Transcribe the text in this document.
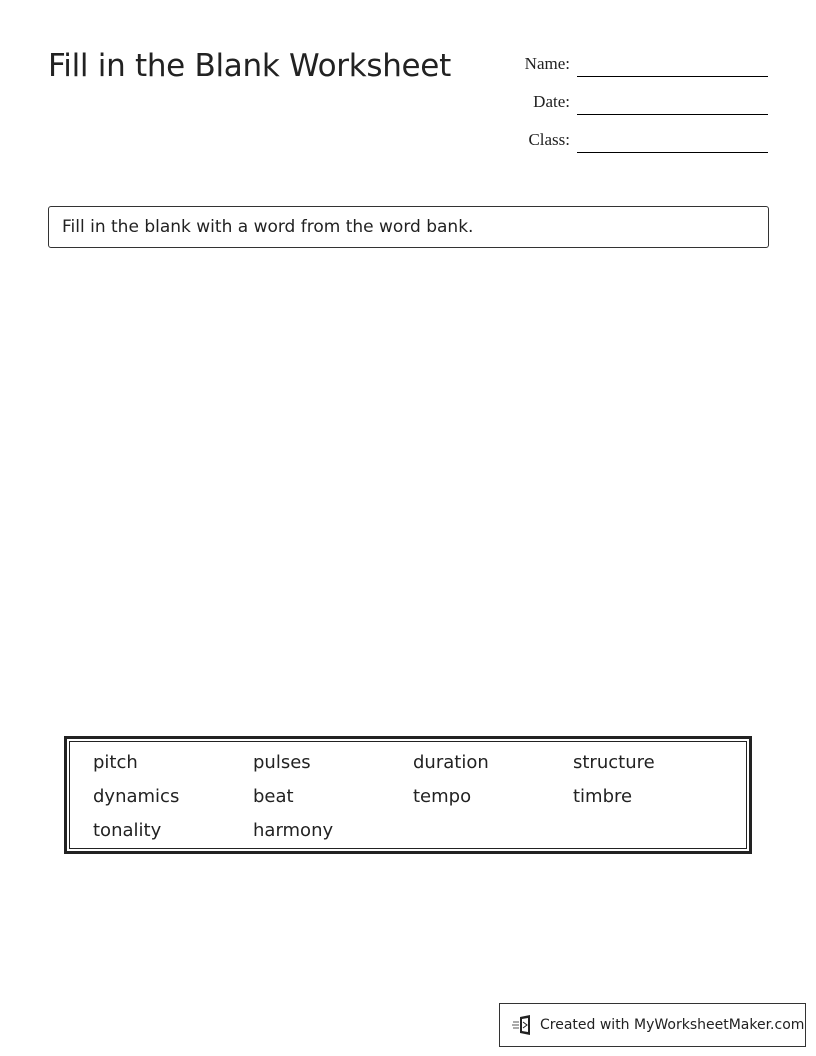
Fill in the Blank Worksheet	Name:
Date:
Class:
Fill in the blank with a word from the word bank.
pitch	pulses	duration	structure
dynamics	beat	tempo	timbre
tonality	harmony
Created with MyWorksheetMaker.com
